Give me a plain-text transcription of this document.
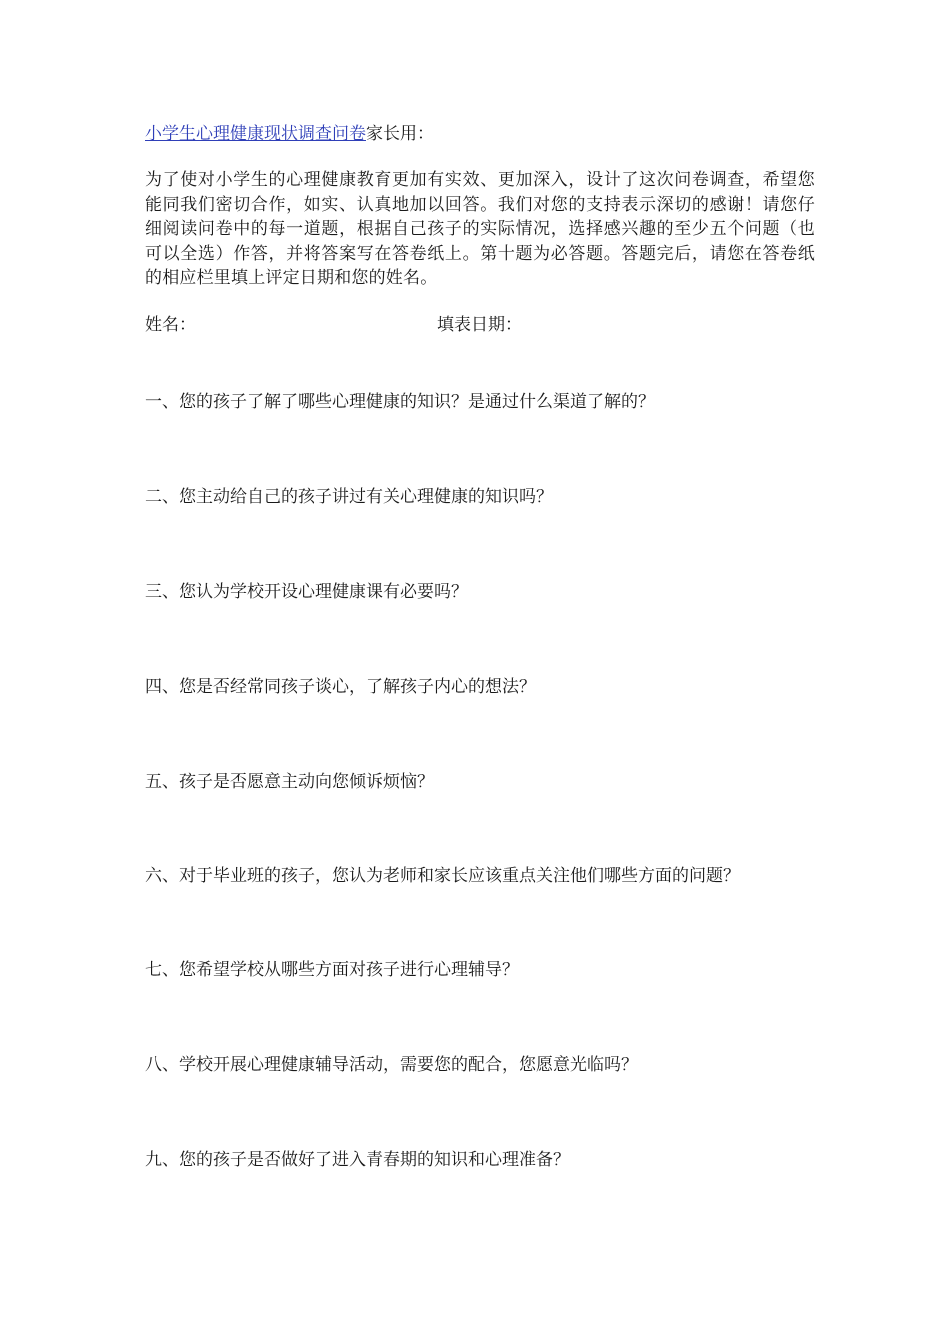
小学生心理健康现状调查问卷家长用：

为了使对小学生的心理健康教育更加有实效、更加深入，设计了这次问卷调查，希望您能同我们密切合作，如实、认真地加以回答。我们对您的支持表示深切的感谢！请您仔细阅读问卷中的每一道题，根据自己孩子的实际情况，选择感兴趣的至少五个问题（也可以全选）作答，并将答案写在答卷纸上。第十题为必答题。答题完后，请您在答卷纸的相应栏里填上评定日期和您的姓名。

姓名：	填表日期：
一、您的孩子了解了哪些心理健康的知识？是通过什么渠道了解的？
二、您主动给自己的孩子讲过有关心理健康的知识吗？
三、您认为学校开设心理健康课有必要吗？
四、您是否经常同孩子谈心，了解孩子内心的想法？
五、孩子是否愿意主动向您倾诉烦恼？
六、对于毕业班的孩子，您认为老师和家长应该重点关注他们哪些方面的问题？
七、您希望学校从哪些方面对孩子进行心理辅导？
八、学校开展心理健康辅导活动，需要您的配合，您愿意光临吗？
九、您的孩子是否做好了进入青春期的知识和心理准备？
